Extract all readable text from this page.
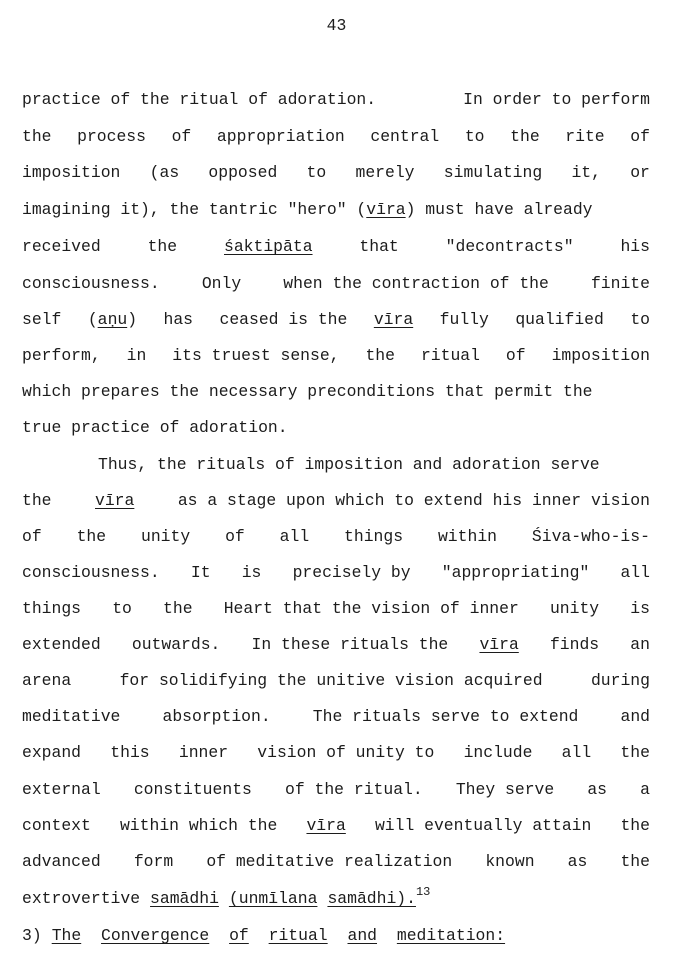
43
practice of the ritual of adoration.	In order to perform
the process of appropriation central to the rite of
imposition (as opposed to merely simulating it, or
imagining it), the tantric "hero" (vīra) must have already
received	the	śaktipāta	that	"decontracts"	his
consciousness.	Only	when the contraction of the	finite
self (aṇu) has ceased is the vīra fully qualified to
perform, in its truest sense, the ritual of imposition
which prepares the necessary preconditions that permit the
true practice of adoration.
Thus, the rituals of imposition and adoration serve
the	vīra	as a stage upon which to extend his inner vision
of the unity of all things within Śiva-who-is-
consciousness. It is precisely by "appropriating" all
things to the Heart that the vision of inner unity is
extended outwards. In these rituals the vīra finds an
arena	for solidifying the unitive vision acquired	during
meditative	absorption.	The rituals serve to extend	and
expand this inner vision of unity to include all the
external constituents of the ritual. They serve as a
context within which the vīra will eventually attain the
advanced form of meditative realization known as the
extrovertive samādhi (unmīlana samādhi).$^{13}$
3) The Convergence of ritual and meditation:
